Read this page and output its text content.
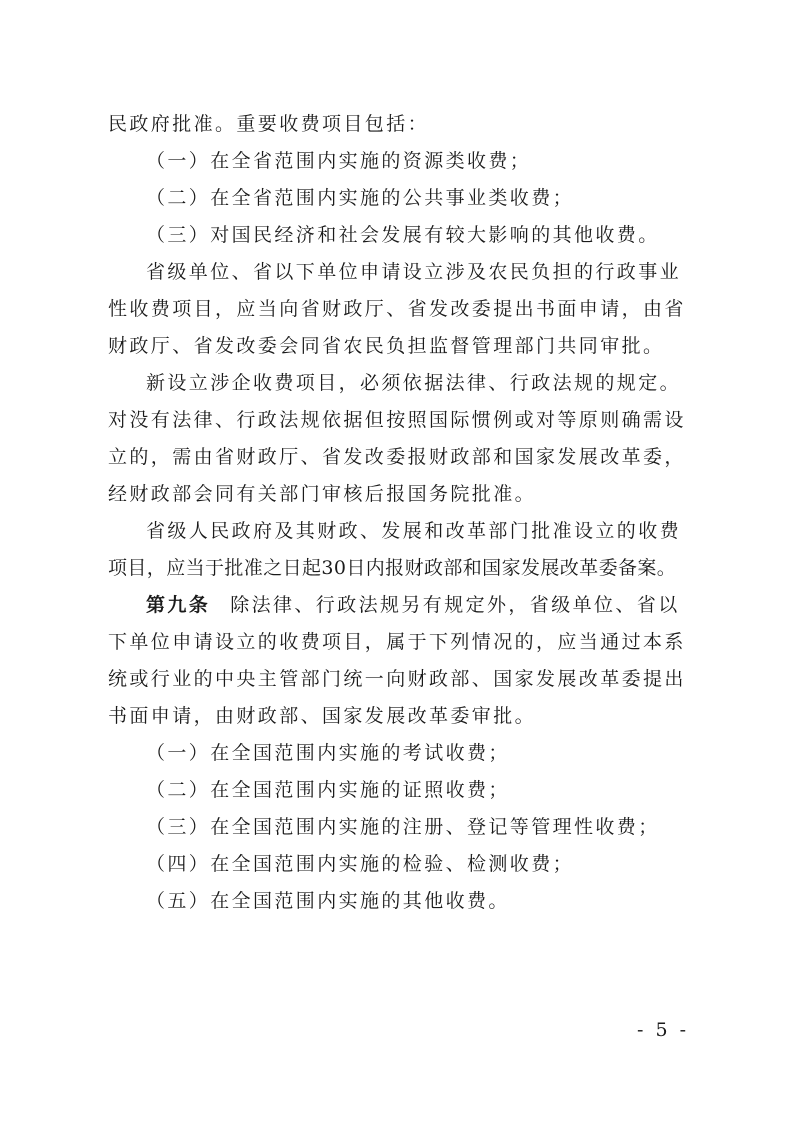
民政府批准。重要收费项目包括：
（一）在全省范围内实施的资源类收费；
（二）在全省范围内实施的公共事业类收费；
（三）对国民经济和社会发展有较大影响的其他收费。
省级单位、省以下单位申请设立涉及农民负担的行政事业
性收费项目，应当向省财政厅、省发改委提出书面申请，由省
财政厅、省发改委会同省农民负担监督管理部门共同审批。
新设立涉企收费项目，必须依据法律、行政法规的规定。
对没有法律、行政法规依据但按照国际惯例或对等原则确需设
立的，需由省财政厅、省发改委报财政部和国家发展改革委，
经财政部会同有关部门审核后报国务院批准。
省级人民政府及其财政、发展和改革部门批准设立的收费
项目，应当于批准之日起30日内报财政部和国家发展改革委备案。
第九条 除法律、行政法规另有规定外，省级单位、省以
下单位申请设立的收费项目，属于下列情况的，应当通过本系
统或行业的中央主管部门统一向财政部、国家发展改革委提出
书面申请，由财政部、国家发展改革委审批。
（一）在全国范围内实施的考试收费；
（二）在全国范围内实施的证照收费；
（三）在全国范围内实施的注册、登记等管理性收费；
（四）在全国范围内实施的检验、检测收费；
（五）在全国范围内实施的其他收费。
- 5 -
